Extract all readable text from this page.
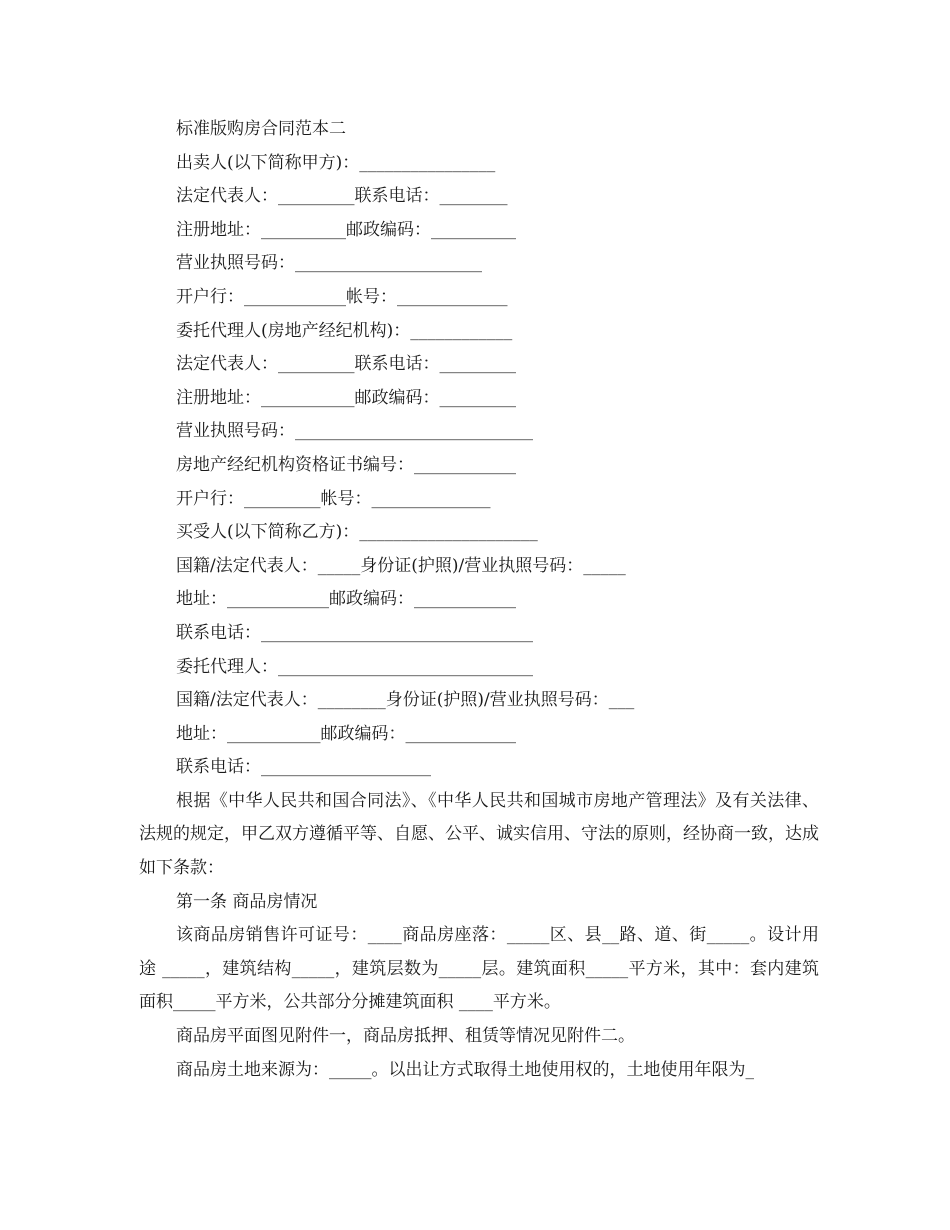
标准版购房合同范本二

出卖人(以下简称甲方)：________________

法定代表人：_________联系电话：________

注册地址：__________邮政编码：__________

营业执照号码：______________________

开户行：____________帐号：_____________

委托代理人(房地产经纪机构)：____________

法定代表人：_________联系电话：_________

注册地址：___________邮政编码：_________

营业执照号码：____________________________

房地产经纪机构资格证书编号：____________

开户行：_________帐号：______________

买受人(以下简称乙方)：_____________________

国籍/法定代表人：_____身份证(护照)/营业执照号码：_____

地址：____________邮政编码：____________

联系电话：________________________________

委托代理人：______________________________

国籍/法定代表人：________身份证(护照)/营业执照号码：___

地址：___________邮政编码：_____________

联系电话：____________________

根据《中华人民共和国合同法》、《中华人民共和国城市房地产管理法》及有关法律、法规的规定，甲乙双方遵循平等、自愿、公平、诚实信用、守法的原则，经协商一致，达成如下条款：

第一条 商品房情况

该商品房销售许可证号：____商品房座落：_____区、县__路、道、街_____。设计用途 _____，建筑结构_____，建筑层数为_____层。建筑面积_____平方米，其中：套内建筑面积_____平方米，公共部分分摊建筑面积 ____平方米。

商品房平面图见附件一，商品房抵押、租赁等情况见附件二。

商品房土地来源为：_____。以出让方式取得土地使用权的，土地使用年限为_
